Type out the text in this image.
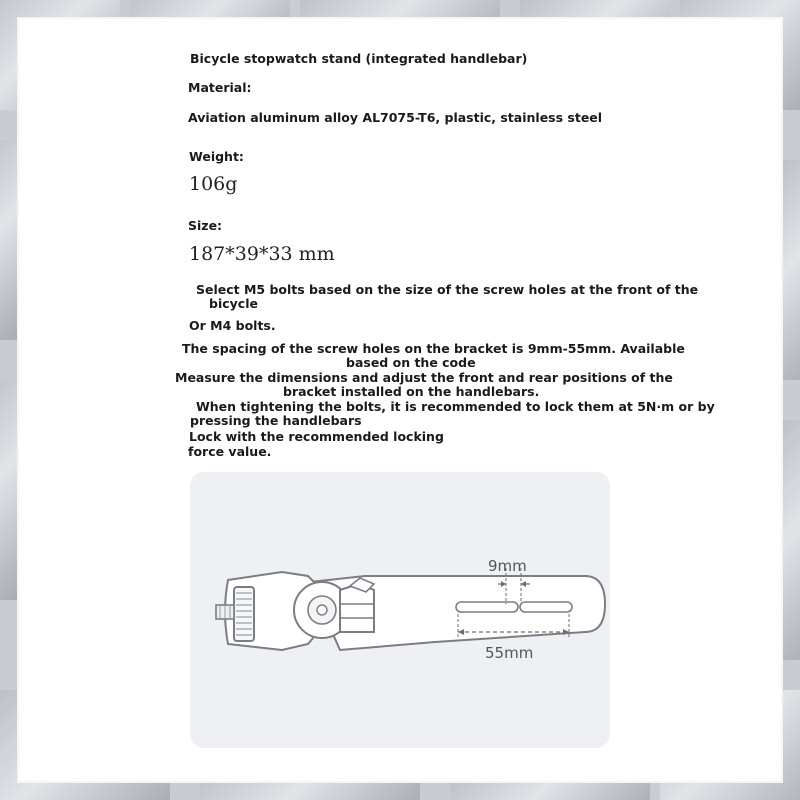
Bicycle stopwatch stand (integrated handlebar)
Material:
Aviation aluminum alloy AL7075-T6, plastic, stainless steel
Weight:
106g
Size:
187*39*33 mm
Select M5 bolts based on the size of the screw holes at the front of the
bicycle
Or M4 bolts.
The spacing of the screw holes on the bracket is 9mm-55mm. Available
based on the code
Measure the dimensions and adjust the front and rear positions of the
bracket installed on the handlebars.
When tightening the bolts, it is recommended to lock them at 5N·m or by
pressing the handlebars
Lock with the recommended locking
force value.
9mm
55mm
